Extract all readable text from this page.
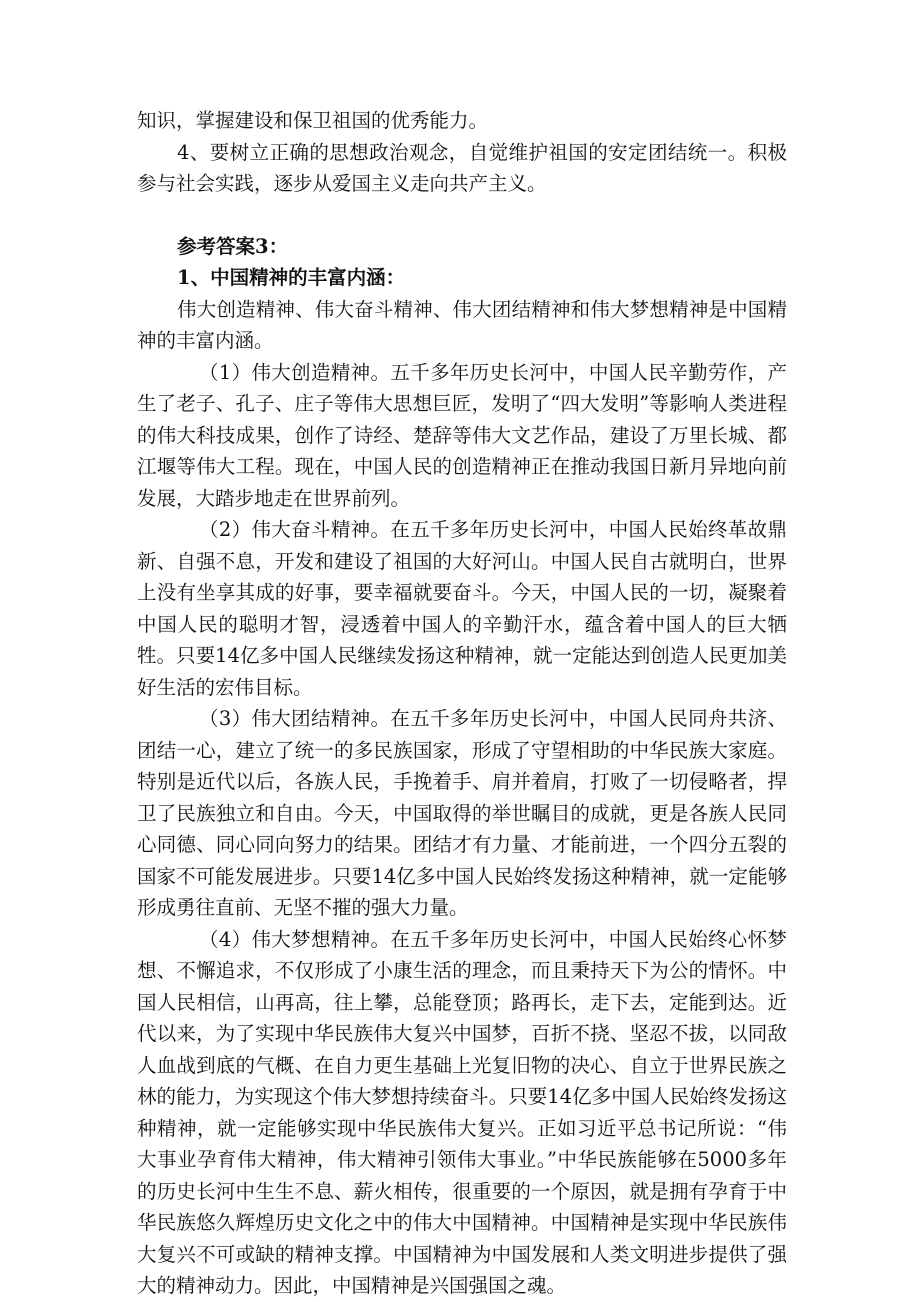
知识，掌握建设和保卫祖国的优秀能力。

4、要树立正确的思想政治观念，自觉维护祖国的安定团结统一。积极参与社会实践，逐步从爱国主义走向共产主义。

参考答案3：

1、中国精神的丰富内涵：

伟大创造精神、伟大奋斗精神、伟大团结精神和伟大梦想精神是中国精神的丰富内涵。

（1）伟大创造精神。五千多年历史长河中，中国人民辛勤劳作，产生了老子、孔子、庄子等伟大思想巨匠，发明了“四大发明”等影响人类进程的伟大科技成果，创作了诗经、楚辞等伟大文艺作品，建设了万里长城、都江堰等伟大工程。现在，中国人民的创造精神正在推动我国日新月异地向前发展，大踏步地走在世界前列。

（2）伟大奋斗精神。在五千多年历史长河中，中国人民始终革故鼎新、自强不息，开发和建设了祖国的大好河山。中国人民自古就明白，世界上没有坐享其成的好事，要幸福就要奋斗。今天，中国人民的一切，凝聚着中国人民的聪明才智，浸透着中国人的辛勤汗水，蕴含着中国人的巨大牺牲。只要14亿多中国人民继续发扬这种精神，就一定能达到创造人民更加美好生活的宏伟目标。

（3）伟大团结精神。在五千多年历史长河中，中国人民同舟共济、团结一心，建立了统一的多民族国家，形成了守望相助的中华民族大家庭。特别是近代以后，各族人民，手挽着手、肩并着肩，打败了一切侵略者，捍卫了民族独立和自由。今天，中国取得的举世瞩目的成就，更是各族人民同心同德、同心同向努力的结果。团结才有力量、才能前进，一个四分五裂的国家不可能发展进步。只要14亿多中国人民始终发扬这种精神，就一定能够形成勇往直前、无坚不摧的强大力量。

（4）伟大梦想精神。在五千多年历史长河中，中国人民始终心怀梦想、不懈追求，不仅形成了小康生活的理念，而且秉持天下为公的情怀。中国人民相信，山再高，往上攀，总能登顶；路再长，走下去，定能到达。近代以来，为了实现中华民族伟大复兴中国梦，百折不挠、坚忍不拔，以同敌人血战到底的气概、在自力更生基础上光复旧物的决心、自立于世界民族之林的能力，为实现这个伟大梦想持续奋斗。只要14亿多中国人民始终发扬这种精神，就一定能够实现中华民族伟大复兴。正如习近平总书记所说：“伟大事业孕育伟大精神，伟大精神引领伟大事业。”中华民族能够在5000多年的历史长河中生生不息、薪火相传，很重要的一个原因，就是拥有孕育于中华民族悠久辉煌历史文化之中的伟大中国精神。中国精神是实现中华民族伟大复兴不可或缺的精神支撑。中国精神为中国发展和人类文明进步提供了强大的精神动力。因此，中国精神是兴国强国之魂。
